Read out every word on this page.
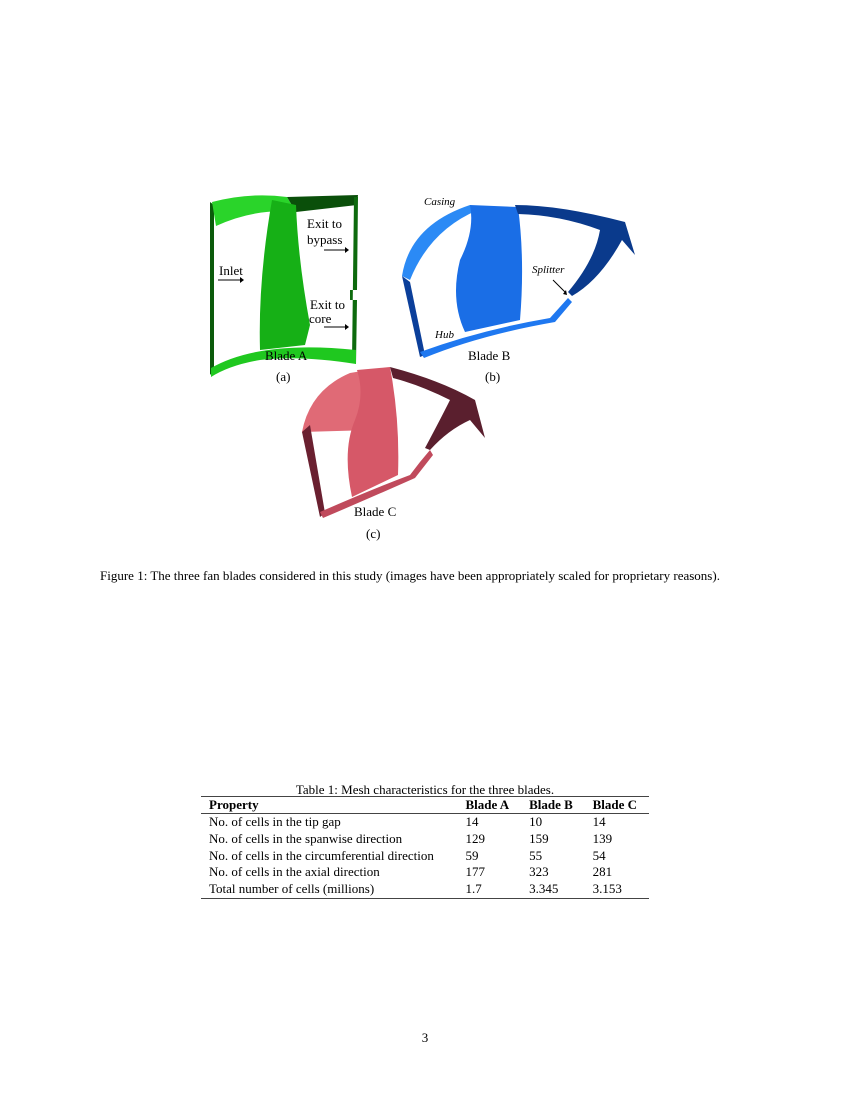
Exit to
bypass
Inlet
Exit to
core
Blade A
(a)
Casing
Splitter
Hub
Blade B
(b)
Blade C
(c)
Figure 1: The three fan blades considered in this study (images have been appropriately scaled for proprietary reasons).
Table 1: Mesh characteristics for the three blades.
Property	Blade A	Blade B	Blade C
No. of cells in the tip gap	14	10	14
No. of cells in the spanwise direction	129	159	139
No. of cells in the circumferential direction	59	55	54
No. of cells in the axial direction	177	323	281
Total number of cells (millions)	1.7	3.345	3.153
3
